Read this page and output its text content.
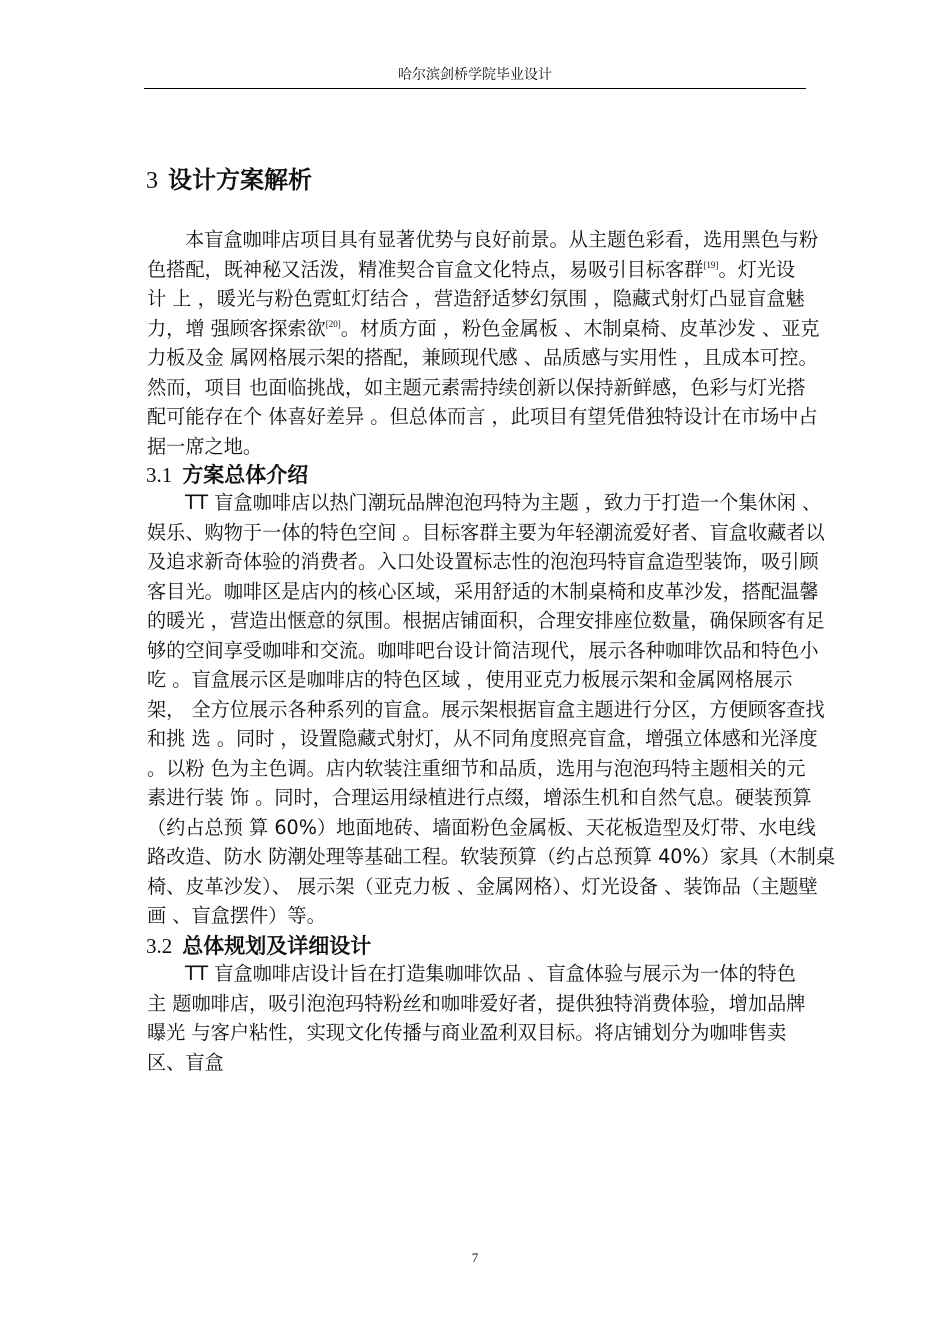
哈尔滨剑桥学院毕业设计
3 设计方案解析
本盲盒咖啡店项目具有显著优势与良好前景。从主题色彩看，选用黑色与粉
色搭配，既神秘又活泼，精准契合盲盒文化特点，易吸引目标客群[19]。灯光设
计 上 ，暖光与粉色霓虹灯结合 ，营造舒适梦幻氛围 ，隐藏式射灯凸显盲盒魅
力，增 强顾客探索欲[20]。材质方面 ，粉色金属板 、木制桌椅、皮革沙发 、亚克
力板及金 属网格展示架的搭配，兼顾现代感 、品质感与实用性 ，且成本可控。
然而，项目 也面临挑战，如主题元素需持续创新以保持新鲜感，色彩与灯光搭
配可能存在个 体喜好差异 。但总体而言 ，此项目有望凭借独特设计在市场中占
据一席之地。
3.1 方案总体介绍
TT 盲盒咖啡店以热门潮玩品牌泡泡玛特为主题 ，致力于打造一个集休闲 、
娱乐、购物于一体的特色空间 。目标客群主要为年轻潮流爱好者、盲盒收藏者以
及追求新奇体验的消费者。入口处设置标志性的泡泡玛特盲盒造型装饰，吸引顾
客目光。咖啡区是店内的核心区域，采用舒适的木制桌椅和皮革沙发，搭配温馨
的暖光 ，营造出惬意的氛围。根据店铺面积，合理安排座位数量，确保顾客有足
够的空间享受咖啡和交流。咖啡吧台设计简洁现代，展示各种咖啡饮品和特色小
吃 。盲盒展示区是咖啡店的特色区域 ，使用亚克力板展示架和金属网格展示
架， 全方位展示各种系列的盲盒。展示架根据盲盒主题进行分区，方便顾客查找
和挑 选 。同时 ，设置隐藏式射灯，从不同角度照亮盲盒，增强立体感和光泽度
。以粉 色为主色调。店内软装注重细节和品质，选用与泡泡玛特主题相关的元
素进行装 饰 。同时，合理运用绿植进行点缀，增添生机和自然气息。硬装预算
（约占总预 算 60%）地面地砖、墙面粉色金属板、天花板造型及灯带、水电线
路改造、防水 防潮处理等基础工程。软装预算（约占总预算 40%）家具（木制桌
椅、皮革沙发）、 展示架（亚克力板 、金属网格）、灯光设备 、装饰品（主题壁
画 、盲盒摆件）等。
3.2 总体规划及详细设计
TT 盲盒咖啡店设计旨在打造集咖啡饮品 、盲盒体验与展示为一体的特色
主 题咖啡店，吸引泡泡玛特粉丝和咖啡爱好者，提供独特消费体验，增加品牌
曝光 与客户粘性，实现文化传播与商业盈利双目标。将店铺划分为咖啡售卖
区、盲盒
7
